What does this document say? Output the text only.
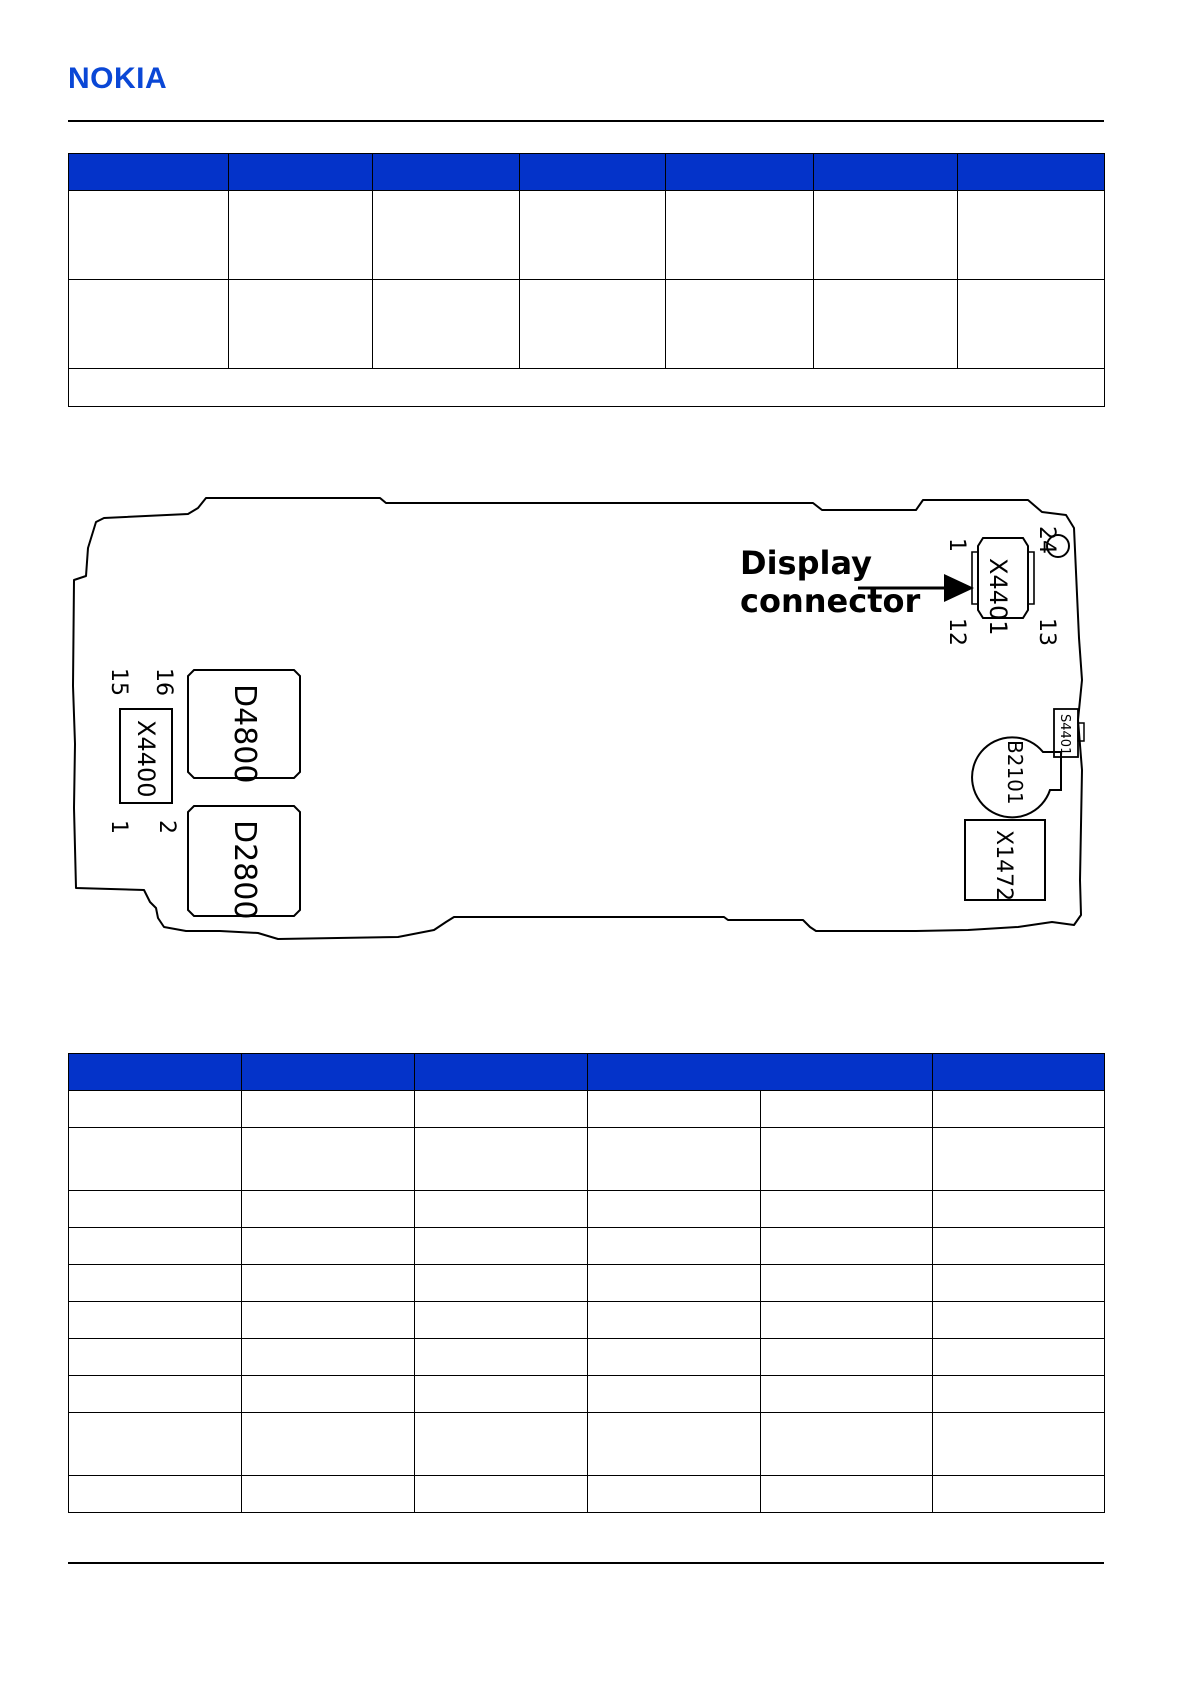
NOKIA

X4401
1	24
12	13
Display
connector
X4400
15 16
1 2
D4800
D2800
S4401
B2101
X1472
